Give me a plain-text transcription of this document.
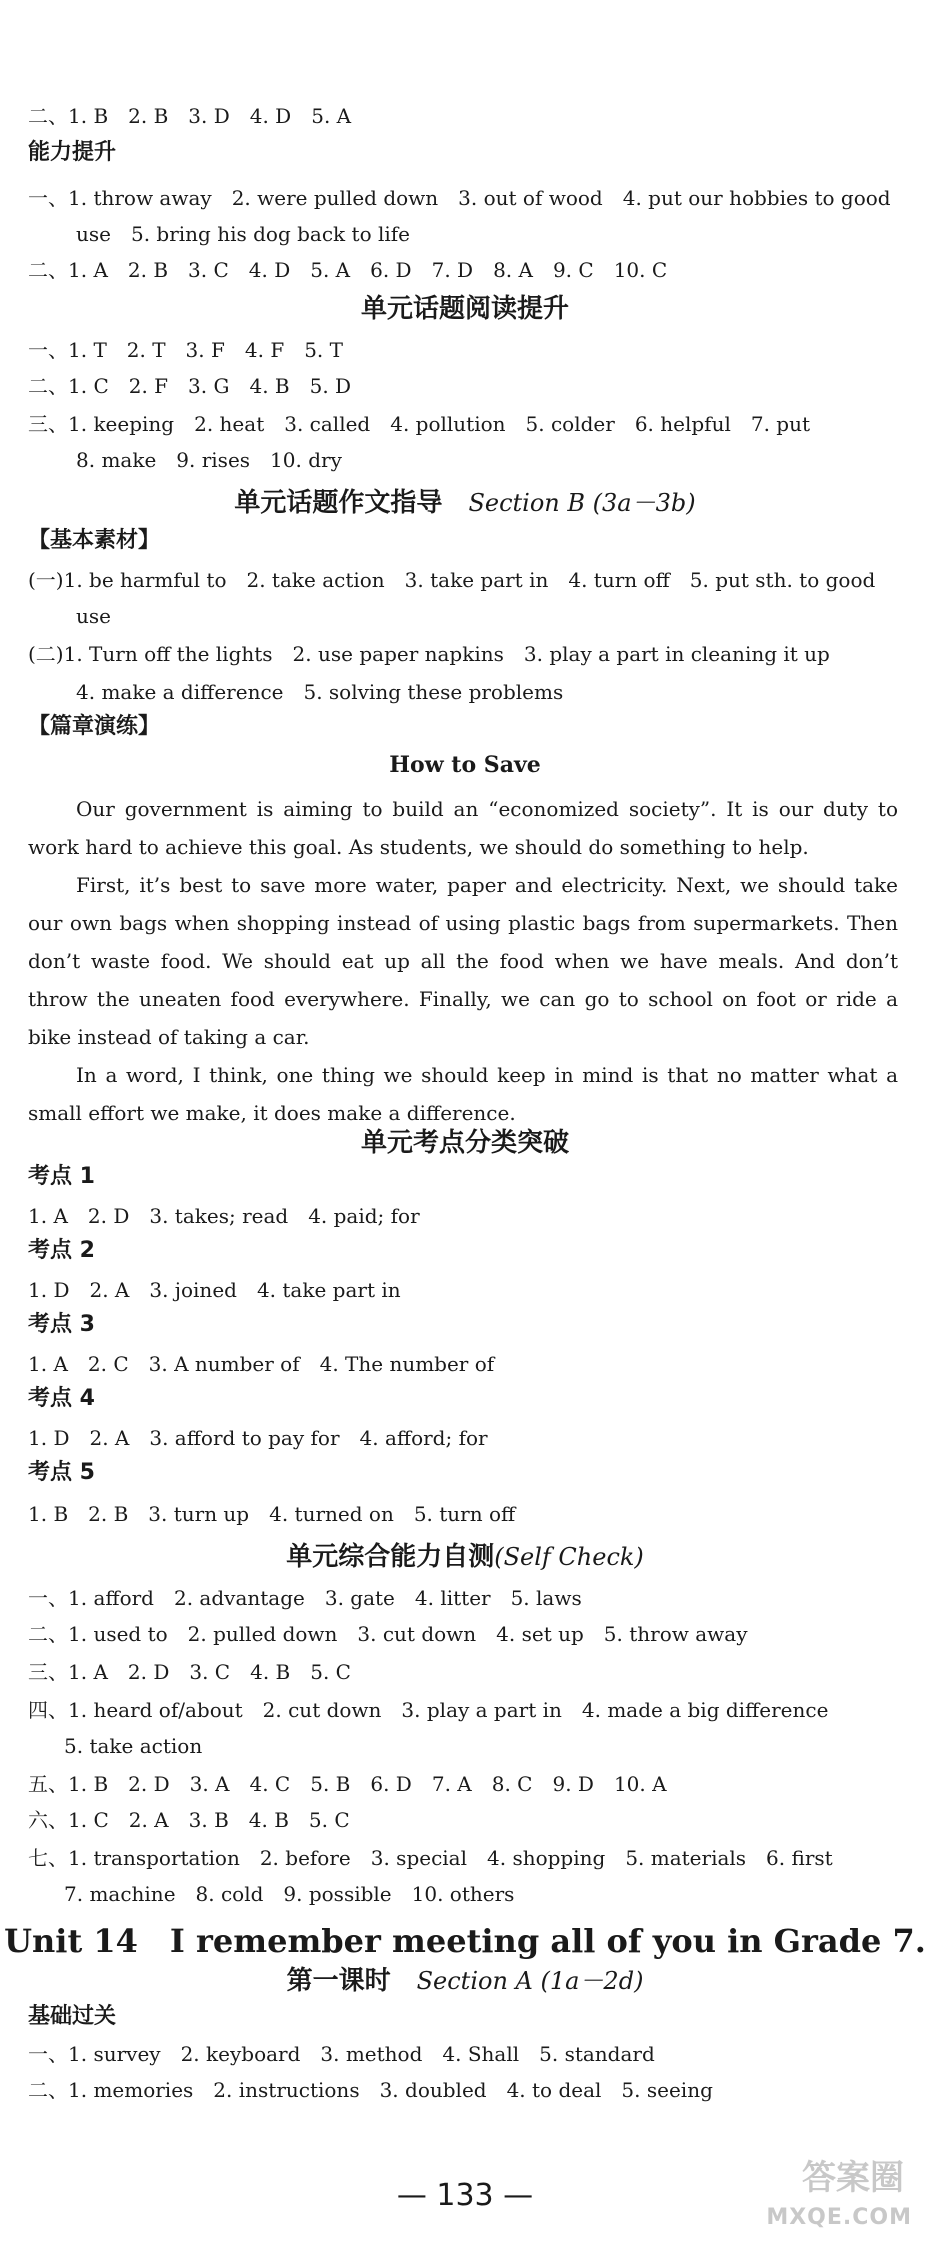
二、1. B　2. B　3. D　4. D　5. A
能力提升
一、1. throw away　2. were pulled down　3. out of wood　4. put our hobbies to good
use　5. bring his dog back to life
二、1. A　2. B　3. C　4. D　5. A　6. D　7. D　8. A　9. C　10. C
单元话题阅读提升
一、1. T　2. T　3. F　4. F　5. T
二、1. C　2. F　3. G　4. B　5. D
三、1. keeping　2. heat　3. called　4. pollution　5. colder　6. helpful　7. put
8. make　9. rises　10. dry
单元话题作文指导　 Section B (3a－3b)
【基本素材】
(一)1. be harmful to　2. take action　3. take part in　4. turn off　5. put sth. to good
use
(二)1. Turn off the lights　2. use paper napkins　3. play a part in cleaning it up
4. make a difference　5. solving these problems
【篇章演练】
How to Save
Our government is aiming to build an “economized society”. It is our duty to work hard to achieve this goal. As students, we should do something to help.
First, it’s best to save more water, paper and electricity. Next, we should take our own bags when shopping instead of using plastic bags from supermarkets. Then don’t waste food. We should eat up all the food when we have meals. And don’t throw the uneaten food everywhere. Finally, we can go to school on foot or ride a bike instead of taking a car.
In a word, I think, one thing we should keep in mind is that no matter what a small effort we make, it does make a difference.
单元考点分类突破
考点 1
1. A　2. D　3. takes; read　4. paid; for
考点 2
1. D　2. A　3. joined　4. take part in
考点 3
1. A　2. C　3. A number of　4. The number of
考点 4
1. D　2. A　3. afford to pay for　4. afford; for
考点 5
1. B　2. B　3. turn up　4. turned on　5. turn off
单元综合能力自测(Self Check)
一、1. afford　2. advantage　3. gate　4. litter　5. laws
二、1. used to　2. pulled down　3. cut down　4. set up　5. throw away
三、1. A　2. D　3. C　4. B　5. C
四、1. heard of/about　2. cut down　3. play a part in　4. made a big difference
5. take action
五、1. B　2. D　3. A　4. C　5. B　6. D　7. A　8. C　9. D　10. A
六、1. C　2. A　3. B　4. B　5. C
七、1. transportation　2. before　3. special　4. shopping　5. materials　6. first
7. machine　8. cold　9. possible　10. others
Unit 14　I remember meeting all of you in Grade 7.
第一课时　 Section A (1a－2d)
基础过关
一、1. survey　2. keyboard　3. method　4. Shall　5. standard
二、1. memories　2. instructions　3. doubled　4. to deal　5. seeing
— 133 —	答案圈
MXQE.COM
